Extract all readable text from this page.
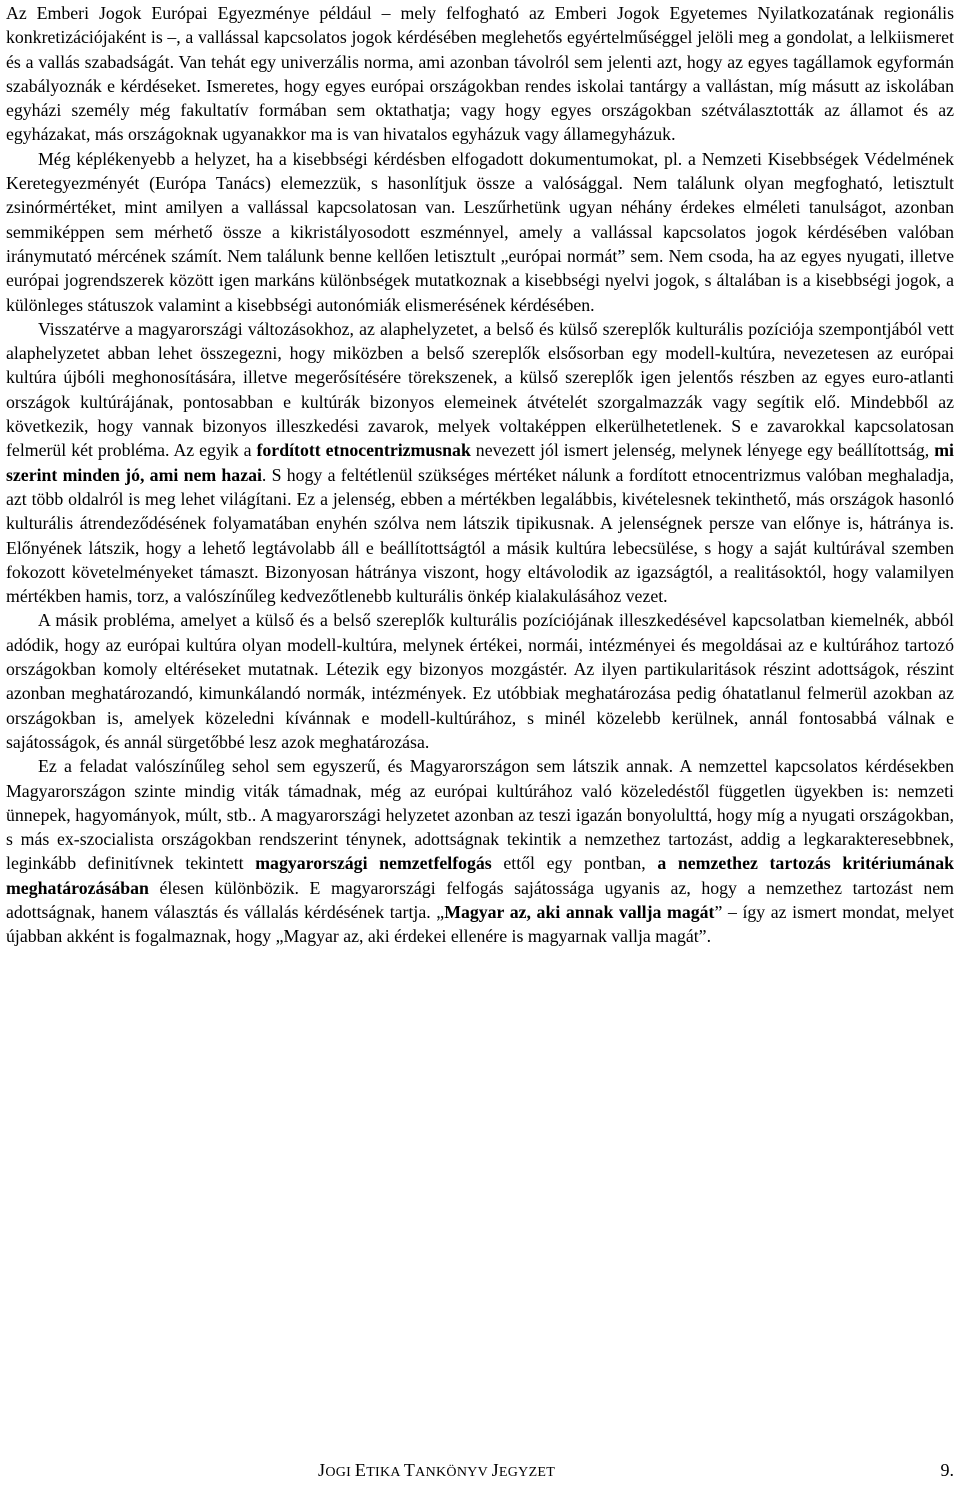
Az Emberi Jogok Európai Egyezménye például – mely felfogható az Emberi Jogok Egyetemes Nyilatkozatának regionális konkretizációjaként is –, a vallással kapcsolatos jogok kérdésében meglehetős egyértelműséggel jelöli meg a gondolat, a lelkiismeret és a vallás szabadságát. Van tehát egy univerzális norma, ami azonban távolról sem jelenti azt, hogy az egyes tagállamok egyformán szabályoznák e kérdéseket. Ismeretes, hogy egyes európai országokban rendes iskolai tantárgy a vallástan, míg másutt az iskolában egyházi személy még fakultatív formában sem oktathatja; vagy hogy egyes országokban szétválasztották az államot és az egyházakat, más országoknak ugyanakkor ma is van hivatalos egyházuk vagy államegyházuk.

Még képlékenyebb a helyzet, ha a kisebbségi kérdésben elfogadott dokumentumokat, pl. a Nemzeti Kisebbségek Védelmének Keretegyezményét (Európa Tanács) elemezzük, s hasonlítjuk össze a valósággal. Nem találunk olyan megfogható, letisztult zsinórmértéket, mint amilyen a vallással kapcsolatosan van. Leszűrhetünk ugyan néhány érdekes elméleti tanulságot, azonban semmiképpen sem mérhető össze a kikristályosodott eszménnyel, amely a vallással kapcsolatos jogok kérdésében valóban iránymutató mércének számít. Nem találunk benne kellően letisztult „európai normát” sem. Nem csoda, ha az egyes nyugati, illetve európai jogrendszerek között igen markáns különbségek mutatkoznak a kisebbségi nyelvi jogok, s általában is a kisebbségi jogok, a különleges státuszok valamint a kisebbségi autonómiák elismerésének kérdésében.

Visszatérve a magyarországi változásokhoz, az alaphelyzetet, a belső és külső szereplők kulturális pozíciója szempontjából vett alaphelyzetet abban lehet összegezni, hogy miközben a belső szereplők elsősorban egy modell-kultúra, nevezetesen az európai kultúra újbóli meghonosítására, illetve megerősítésére törekszenek, a külső szereplők igen jelentős részben az egyes euro-atlanti országok kultúrájának, pontosabban e kultúrák bizonyos elemeinek átvételét szorgalmazzák vagy segítik elő. Mindebből az következik, hogy vannak bizonyos illeszkedési zavarok, melyek voltaképpen elkerülhetetlenek. S e zavarokkal kapcsolatosan felmerül két probléma. Az egyik a fordított etnocentrizmusnak nevezett jól ismert jelenség, melynek lényege egy beállítottság, mi szerint minden jó, ami nem hazai. S hogy a feltétlenül szükséges mértéket nálunk a fordított etnocentrizmus valóban meghaladja, azt több oldalról is meg lehet világítani. Ez a jelenség, ebben a mértékben legalábbis, kivételesnek tekinthető, más országok hasonló kulturális átrendeződésének folyamatában enyhén szólva nem látszik tipikusnak. A jelenségnek persze van előnye is, hátránya is. Előnyének látszik, hogy a lehető legtávolabb áll e beállítottságtól a másik kultúra lebecsülése, s hogy a saját kultúrával szemben fokozott követelményeket támaszt. Bizonyosan hátránya viszont, hogy eltávolodik az igazságtól, a realitásoktól, hogy valamilyen mértékben hamis, torz, a valószínűleg kedvezőtlenebb kulturális önkép kialakulásához vezet.

A másik probléma, amelyet a külső és a belső szereplők kulturális pozíciójának illeszkedésével kapcsolatban kiemelnék, abból adódik, hogy az európai kultúra olyan modell-kultúra, melynek értékei, normái, intézményei és megoldásai az e kultúrához tartozó országokban komoly eltéréseket mutatnak. Létezik egy bizonyos mozgástér. Az ilyen partikularitások részint adottságok, részint azonban meghatározandó, kimunkálandó normák, intézmények. Ez utóbbiak meghatározása pedig óhatatlanul felmerül azokban az országokban is, amelyek közeledni kívánnak e modell-kultúrához, s minél közelebb kerülnek, annál fontosabbá válnak e sajátosságok, és annál sürgetőbbé lesz azok meghatározása.

Ez a feladat valószínűleg sehol sem egyszerű, és Magyarországon sem látszik annak. A nemzettel kapcsolatos kérdésekben Magyarországon szinte mindig viták támadnak, még az európai kultúrához való közeledéstől független ügyekben is: nemzeti ünnepek, hagyományok, múlt, stb.. A magyarországi helyzetet azonban az teszi igazán bonyolulttá, hogy míg a nyugati országokban, s más ex-szocialista országokban rendszerint ténynek, adottságnak tekintik a nemzethez tartozást, addig a legkarakteresebbnek, leginkább definitívnek tekintett magyarországi nemzetfelfogás ettől egy pontban, a nemzethez tartozás kritériumának meghatározásában élesen különbözik. E magyarországi felfogás sajátossága ugyanis az, hogy a nemzethez tartozást nem adottságnak, hanem választás és vállalás kérdésének tartja. „Magyar az, aki annak vallja magát” – így az ismert mondat, melyet újabban akként is fogalmaznak, hogy „Magyar az, aki érdekei ellenére is magyarnak vallja magát”.

JOGI ETIKA TANKÖNYV JEGYZET	9.
